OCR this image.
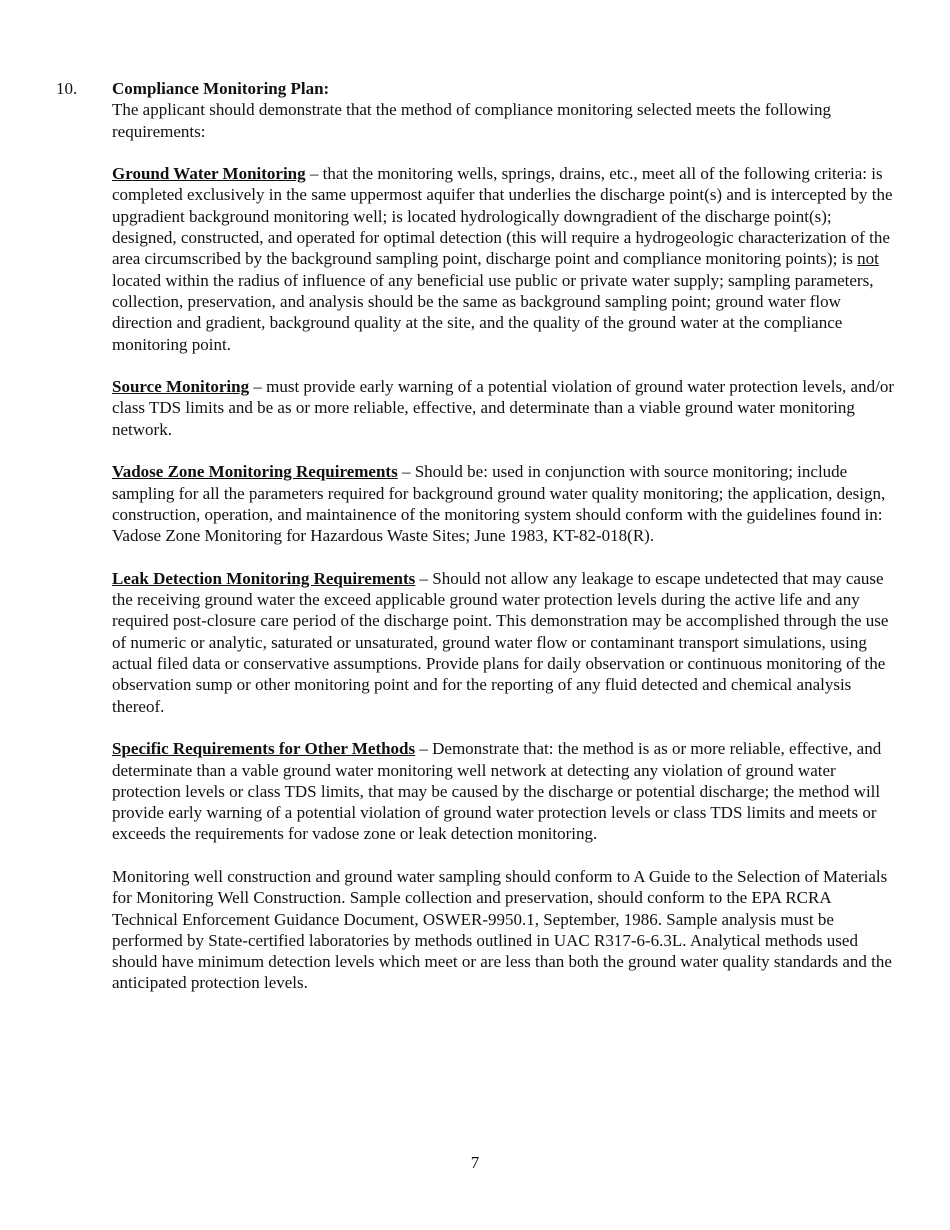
10. Compliance Monitoring Plan:

The applicant should demonstrate that the method of compliance monitoring selected meets the following requirements:

Ground Water Monitoring – that the monitoring wells, springs, drains, etc., meet all of the following criteria: is completed exclusively in the same uppermost aquifer that underlies the discharge point(s) and is intercepted by the upgradient background monitoring well; is located hydrologically downgradient of the discharge point(s); designed, constructed, and operated for optimal detection (this will require a hydrogeologic characterization of the area circumscribed by the background sampling point, discharge point and compliance monitoring points); is not located within the radius of influence of any beneficial use public or private water supply; sampling parameters, collection, preservation, and analysis should be the same as background sampling point; ground water flow direction and gradient, background quality at the site, and the quality of the ground water at the compliance monitoring point.

Source Monitoring – must provide early warning of a potential violation of ground water protection levels, and/or class TDS limits and be as or more reliable, effective, and determinate than a viable ground water monitoring network.

Vadose Zone Monitoring Requirements – Should be: used in conjunction with source monitoring; include sampling for all the parameters required for background ground water quality monitoring; the application, design, construction, operation, and maintainence of the monitoring system should conform with the guidelines found in: Vadose Zone Monitoring for Hazardous Waste Sites; June 1983, KT-82-018(R).

Leak Detection Monitoring Requirements – Should not allow any leakage to escape undetected that may cause the receiving ground water the exceed applicable ground water protection levels during the active life and any required post-closure care period of the discharge point. This demonstration may be accomplished through the use of numeric or analytic, saturated or unsaturated, ground water flow or contaminant transport simulations, using actual filed data or conservative assumptions. Provide plans for daily observation or continuous monitoring of the observation sump or other monitoring point and for the reporting of any fluid detected and chemical analysis thereof.

Specific Requirements for Other Methods – Demonstrate that: the method is as or more reliable, effective, and determinate than a vable ground water monitoring well network at detecting any violation of ground water protection levels or class TDS limits, that may be caused by the discharge or potential discharge; the method will provide early warning of a potential violation of ground water protection levels or class TDS limits and meets or exceeds the requirements for vadose zone or leak detection monitoring.

Monitoring well construction and ground water sampling should conform to A Guide to the Selection of Materials for Monitoring Well Construction. Sample collection and preservation, should conform to the EPA RCRA Technical Enforcement Guidance Document, OSWER-9950.1, September, 1986. Sample analysis must be performed by State-certified laboratories by methods outlined in UAC R317-6-6.3L. Analytical methods used should have minimum detection levels which meet or are less than both the ground water quality standards and the anticipated protection levels.

7
